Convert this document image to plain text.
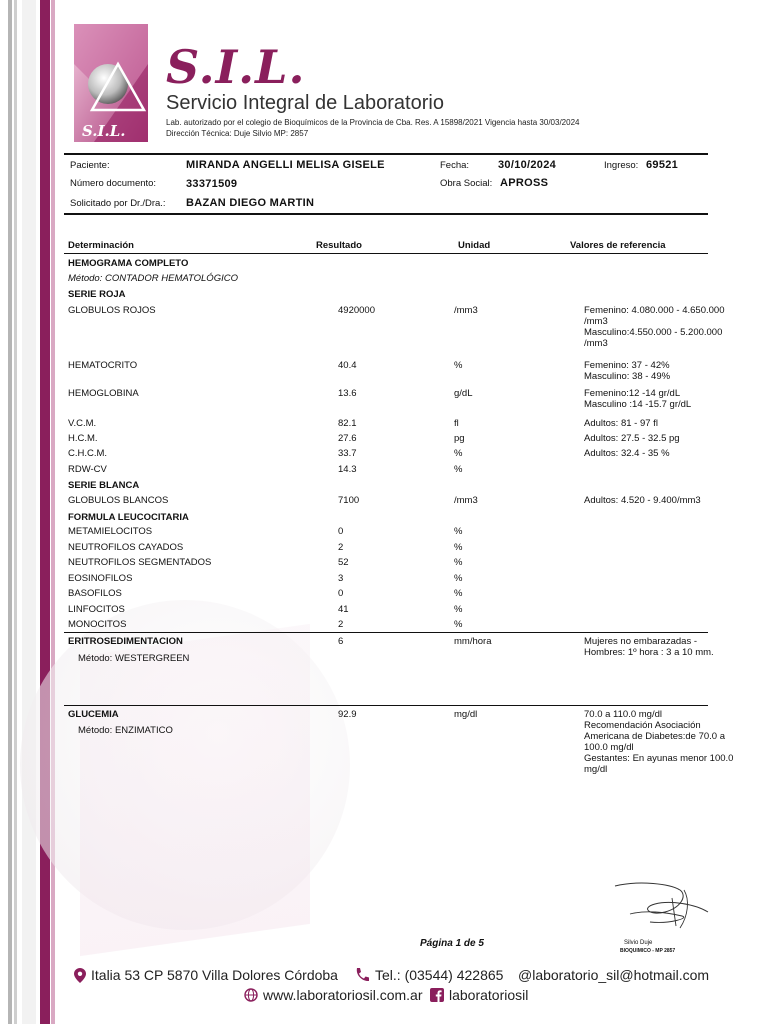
S.I.L.
S.I.L.
Servicio Integral de Laboratorio
Lab. autorizado por el colegio de Bioquímicos de la Provincia de Cba. Res. A 15898/2021 Vigencia hasta 30/03/2024
Dirección Técnica: Duje Silvio MP: 2857
Paciente:	MIRANDA ANGELLI MELISA GISELE	Fecha:	30/10/2024	Ingreso: 69521
Número documento:	33371509	Obra Social: APROSS
Solicitado por Dr./Dra.: BAZAN DIEGO MARTIN
Determinación	Resultado	Unidad	Valores de referencia
HEMOGRAMA COMPLETO
Método: CONTADOR HEMATOLÓGICO
SERIE ROJA
GLOBULOS ROJOS	4920000	/mm3	Femenino: 4.080.000 - 4.650.000 /mm3
Masculino:4.550.000 - 5.200.000 /mm3
HEMATOCRITO	40.4	%	Femenino: 37 - 42%
Masculino: 38 - 49%
HEMOGLOBINA	13.6	g/dL	Femenino:12 -14 gr/dL
Masculino :14 -15.7 gr/dL
V.C.M.	82.1	fl	Adultos: 81 - 97 fl
H.C.M.	27.6	pg	Adultos: 27.5 - 32.5 pg
C.H.C.M.	33.7	%	Adultos: 32.4 - 35 %
RDW-CV	14.3	%
SERIE BLANCA
GLOBULOS BLANCOS	7100	/mm3	Adultos: 4.520 - 9.400/mm3
FORMULA LEUCOCITARIA
METAMIELOCITOS	0	%
NEUTROFILOS CAYADOS	2	%
NEUTROFILOS SEGMENTADOS	52	%
EOSINOFILOS	3	%
BASOFILOS	0	%
LINFOCITOS	41	%
MONOCITOS	2	%
ERITROSEDIMENTACION	6	mm/hora	Mujeres no embarazadas -
Hombres: 1º hora : 3 a 10 mm.
Método: WESTERGREEN
GLUCEMIA	92.9	mg/dl	70.0 a 110.0 mg/dl
Recomendación Asociación Americana de Diabetes:de 70.0 a 100.0 mg/dl
Gestantes: En ayunas menor 100.0 mg/dl
Método: ENZIMATICO
Silvio Duje
BIOQUIMICO - MP 2857
Página 1 de 5
Italia 53 CP 5870 Villa Dolores Córdoba	Tel.: (03544) 422865 @laboratorio_sil@hotmail.com
www.laboratoriosil.com.ar laboratoriosil
